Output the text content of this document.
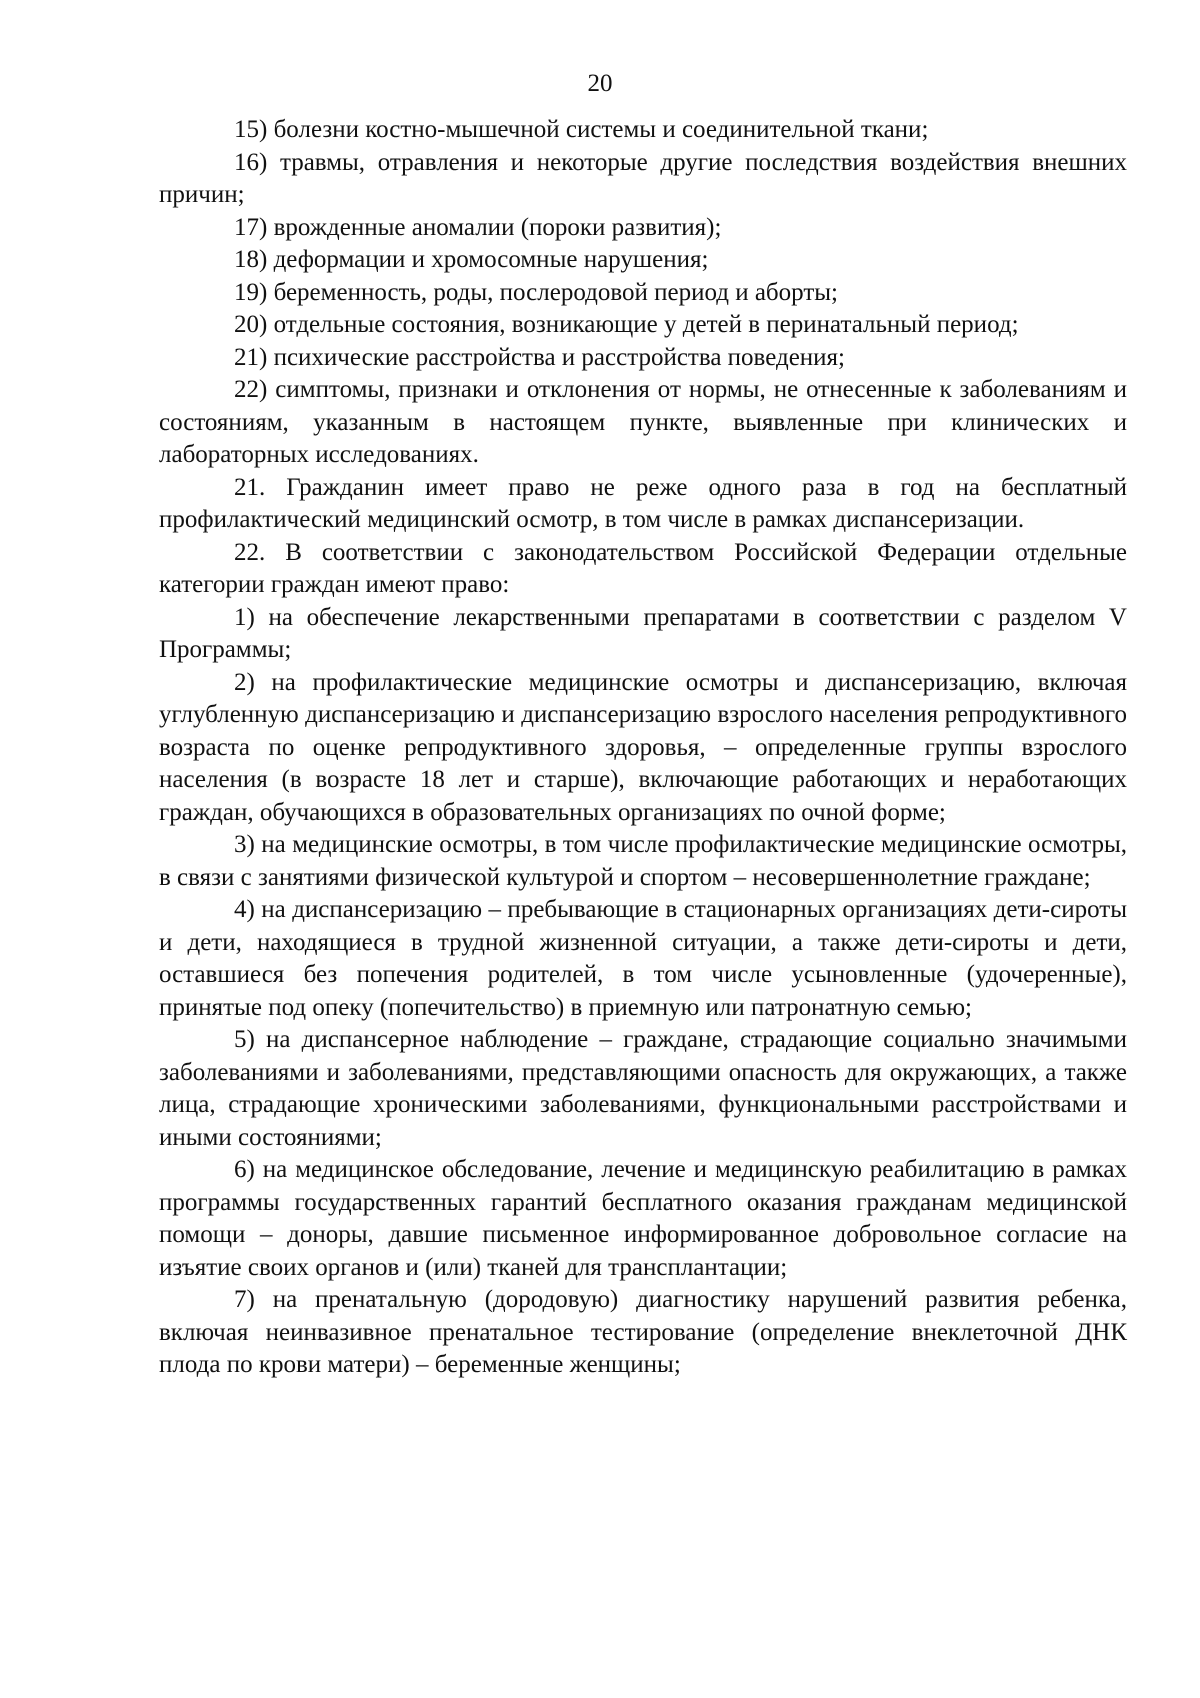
20

15) болезни костно-мышечной системы и соединительной ткани;

16) травмы, отравления и некоторые другие последствия воздействия внешних причин;

17) врожденные аномалии (пороки развития);

18) деформации и хромосомные нарушения;

19) беременность, роды, послеродовой период и аборты;

20) отдельные состояния, возникающие у детей в перинатальный период;

21) психические расстройства и расстройства поведения;

22) симптомы, признаки и отклонения от нормы, не отнесенные к заболеваниям и состояниям, указанным в настоящем пункте, выявленные при клинических и лабораторных исследованиях.

21. Гражданин имеет право не реже одного раза в год на бесплатный профилактический медицинский осмотр, в том числе в рамках диспансеризации.

22. В соответствии с законодательством Российской Федерации отдельные категории граждан имеют право:

1) на обеспечение лекарственными препаратами в соответствии с разделом V Программы;

2) на профилактические медицинские осмотры и диспансеризацию, включая углубленную диспансеризацию и диспансеризацию взрослого населения репродуктивного возраста по оценке репродуктивного здоровья, – определенные группы взрослого населения (в возрасте 18 лет и старше), включающие работающих и неработающих граждан, обучающихся в образовательных организациях по очной форме;

3) на медицинские осмотры, в том числе профилактические медицинские осмотры, в связи с занятиями физической культурой и спортом – несовершеннолетние граждане;

4) на диспансеризацию – пребывающие в стационарных организациях дети-сироты и дети, находящиеся в трудной жизненной ситуации, а также дети-сироты и дети, оставшиеся без попечения родителей, в том числе усыновленные (удочеренные), принятые под опеку (попечительство) в приемную или патронатную семью;

5) на диспансерное наблюдение – граждане, страдающие социально значимыми заболеваниями и заболеваниями, представляющими опасность для окружающих, а также лица, страдающие хроническими заболеваниями, функциональными расстройствами и иными состояниями;

6) на медицинское обследование, лечение и медицинскую реабилитацию в рамках программы государственных гарантий бесплатного оказания гражданам медицинской помощи – доноры, давшие письменное информированное добровольное согласие на изъятие своих органов и (или) тканей для трансплантации;

7) на пренатальную (дородовую) диагностику нарушений развития ребенка, включая неинвазивное пренатальное тестирование (определение внеклеточной ДНК плода по крови матери) – беременные женщины;
